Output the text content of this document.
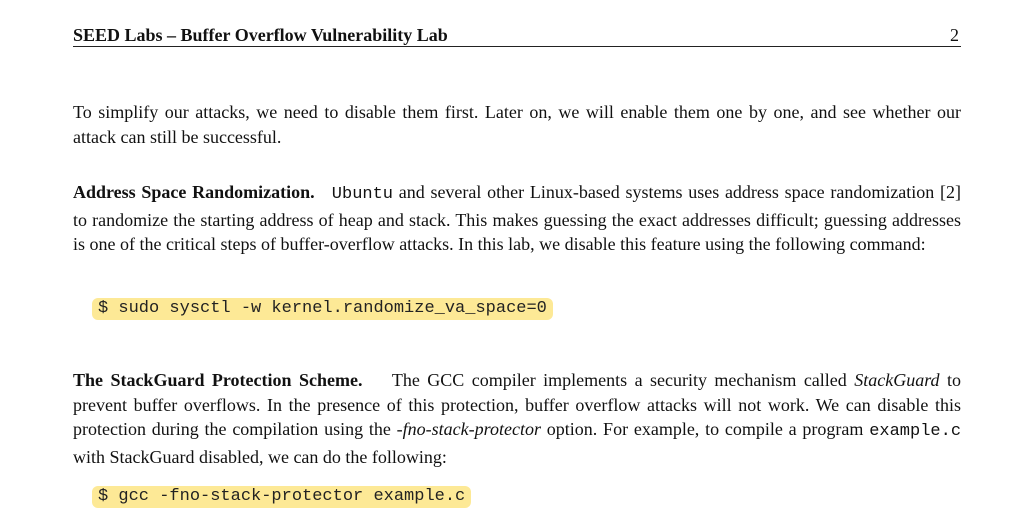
SEED Labs – Buffer Overflow Vulnerability Lab	2

To simplify our attacks, we need to disable them first. Later on, we will enable them one by one, and see whether our attack can still be successful.

Address Space Randomization. Ubuntu and several other Linux-based systems uses address space randomization [2] to randomize the starting address of heap and stack. This makes guessing the exact addresses difficult; guessing addresses is one of the critical steps of buffer-overflow attacks. In this lab, we disable this feature using the following command:

$ sudo sysctl -w kernel.randomize_va_space=0

The StackGuard Protection Scheme. The GCC compiler implements a security mechanism called StackGuard to prevent buffer overflows. In the presence of this protection, buffer overflow attacks will not work. We can disable this protection during the compilation using the -fno-stack-protector option. For example, to compile a program example.c with StackGuard disabled, we can do the following:

$ gcc -fno-stack-protector example.c
